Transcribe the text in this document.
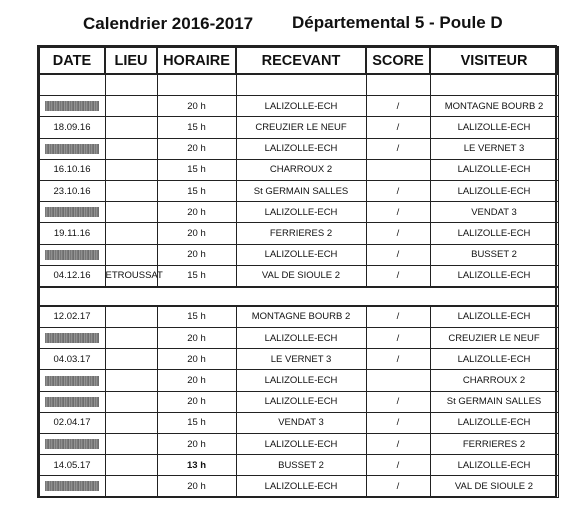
Calendrier 2016-2017 Départemental 5 - Poule D
DATE	LIEU	HORAIRE	RECEVANT	SCORE	VISITEUR

		20 h	LALIZOLLE-ECH	/	MONTAGNE BOURB 2
18.09.16		15 h	CREUZIER LE NEUF	/	LALIZOLLE-ECH
		20 h	LALIZOLLE-ECH	/	LE VERNET 3
16.10.16		15 h	CHARROUX 2		LALIZOLLE-ECH
23.10.16		15 h	St GERMAIN SALLES	/	LALIZOLLE-ECH
		20 h	LALIZOLLE-ECH	/	VENDAT 3
19.11.16		20 h	FERRIERES 2	/	LALIZOLLE-ECH
		20 h	LALIZOLLE-ECH	/	BUSSET 2
04.12.16	ETROUSSAT	15 h	VAL DE SIOULE 2	/	LALIZOLLE-ECH

12.02.17		15 h	MONTAGNE BOURB 2	/	LALIZOLLE-ECH
		20 h	LALIZOLLE-ECH	/	CREUZIER LE NEUF
04.03.17		20 h	LE VERNET 3	/	LALIZOLLE-ECH
		20 h	LALIZOLLE-ECH		CHARROUX 2
		20 h	LALIZOLLE-ECH	/	St GERMAIN SALLES
02.04.17		15 h	VENDAT 3	/	LALIZOLLE-ECH
		20 h	LALIZOLLE-ECH	/	FERRIERES 2
14.05.17		13 h	BUSSET 2	/	LALIZOLLE-ECH
		20 h	LALIZOLLE-ECH	/	VAL DE SIOULE 2
